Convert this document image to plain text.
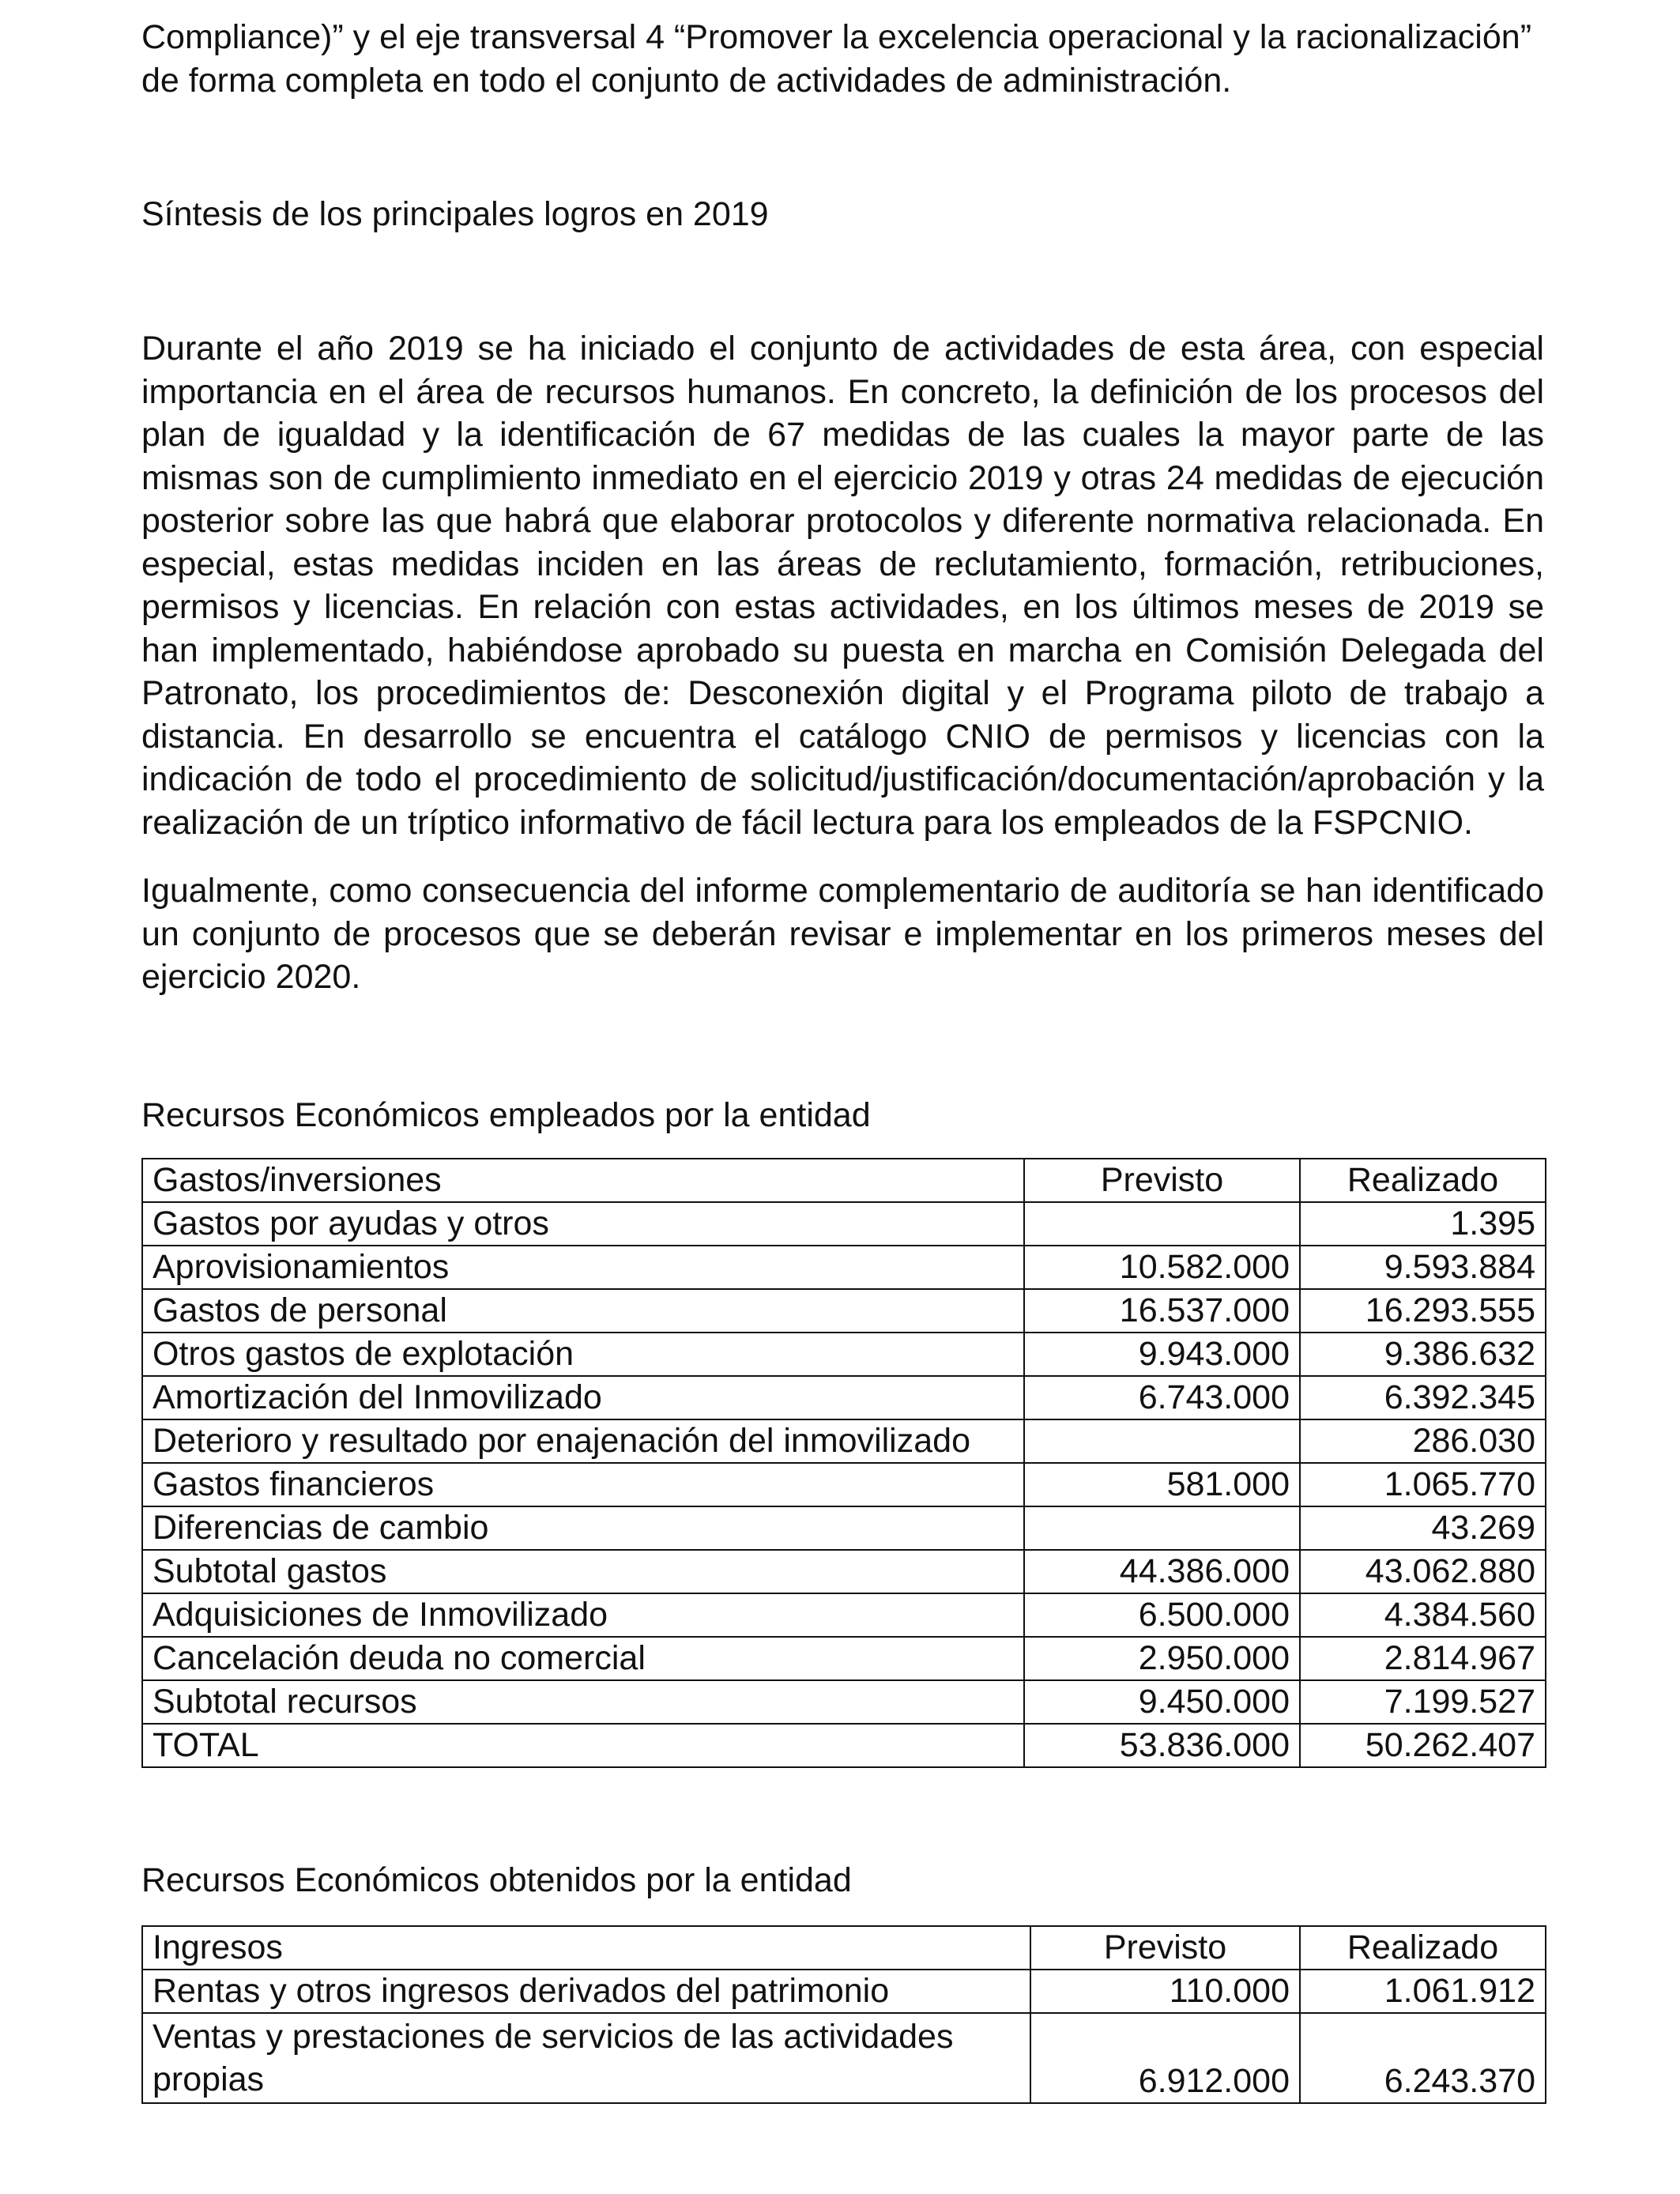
Compliance)” y el eje transversal 4 “Promover la excelencia operacional y la racionalización” de forma completa en todo el conjunto de actividades de administración.

Síntesis de los principales logros en 2019

Durante el año 2019 se ha iniciado el conjunto de actividades de esta área, con especial importancia en el área de recursos humanos. En concreto, la definición de los procesos del plan de igualdad y la identificación de 67 medidas de las cuales la mayor parte de las mismas son de cumplimiento inmediato en el ejercicio 2019 y otras 24 medidas de ejecución posterior sobre las que habrá que elaborar protocolos y diferente normativa relacionada. En especial, estas medidas inciden en las áreas de reclutamiento, formación, retribuciones, permisos y licencias. En relación con estas actividades, en los últimos meses de 2019 se han implementado, habiéndose aprobado su puesta en marcha en Comisión Delegada del Patronato, los procedimientos de: Desconexión digital y el Programa piloto de trabajo a distancia. En desarrollo se encuentra el catálogo CNIO de permisos y licencias con la indicación de todo el procedimiento de solicitud/justificación/documentación/aprobación y la realización de un tríptico informativo de fácil lectura para los empleados de la FSPCNIO.

Igualmente, como consecuencia del informe complementario de auditoría se han identificado un conjunto de procesos que se deberán revisar e implementar en los primeros meses del ejercicio 2020.

Recursos Económicos empleados por la entidad

Gastos/inversiones	Previsto	Realizado
Gastos por ayudas y otros		1.395
Aprovisionamientos	10.582.000	9.593.884
Gastos de personal	16.537.000	16.293.555
Otros gastos de explotación	9.943.000	9.386.632
Amortización del Inmovilizado	6.743.000	6.392.345
Deterioro y resultado por enajenación del inmovilizado		286.030
Gastos financieros	581.000	1.065.770
Diferencias de cambio		43.269
Subtotal gastos	44.386.000	43.062.880
Adquisiciones de Inmovilizado	6.500.000	4.384.560
Cancelación deuda no comercial	2.950.000	2.814.967
Subtotal recursos	9.450.000	7.199.527
TOTAL	53.836.000	50.262.407

Recursos Económicos obtenidos por la entidad

Ingresos	Previsto	Realizado
Rentas y otros ingresos derivados del patrimonio	110.000	1.061.912
Ventas y prestaciones de servicios de las actividades propias	6.912.000	6.243.370
